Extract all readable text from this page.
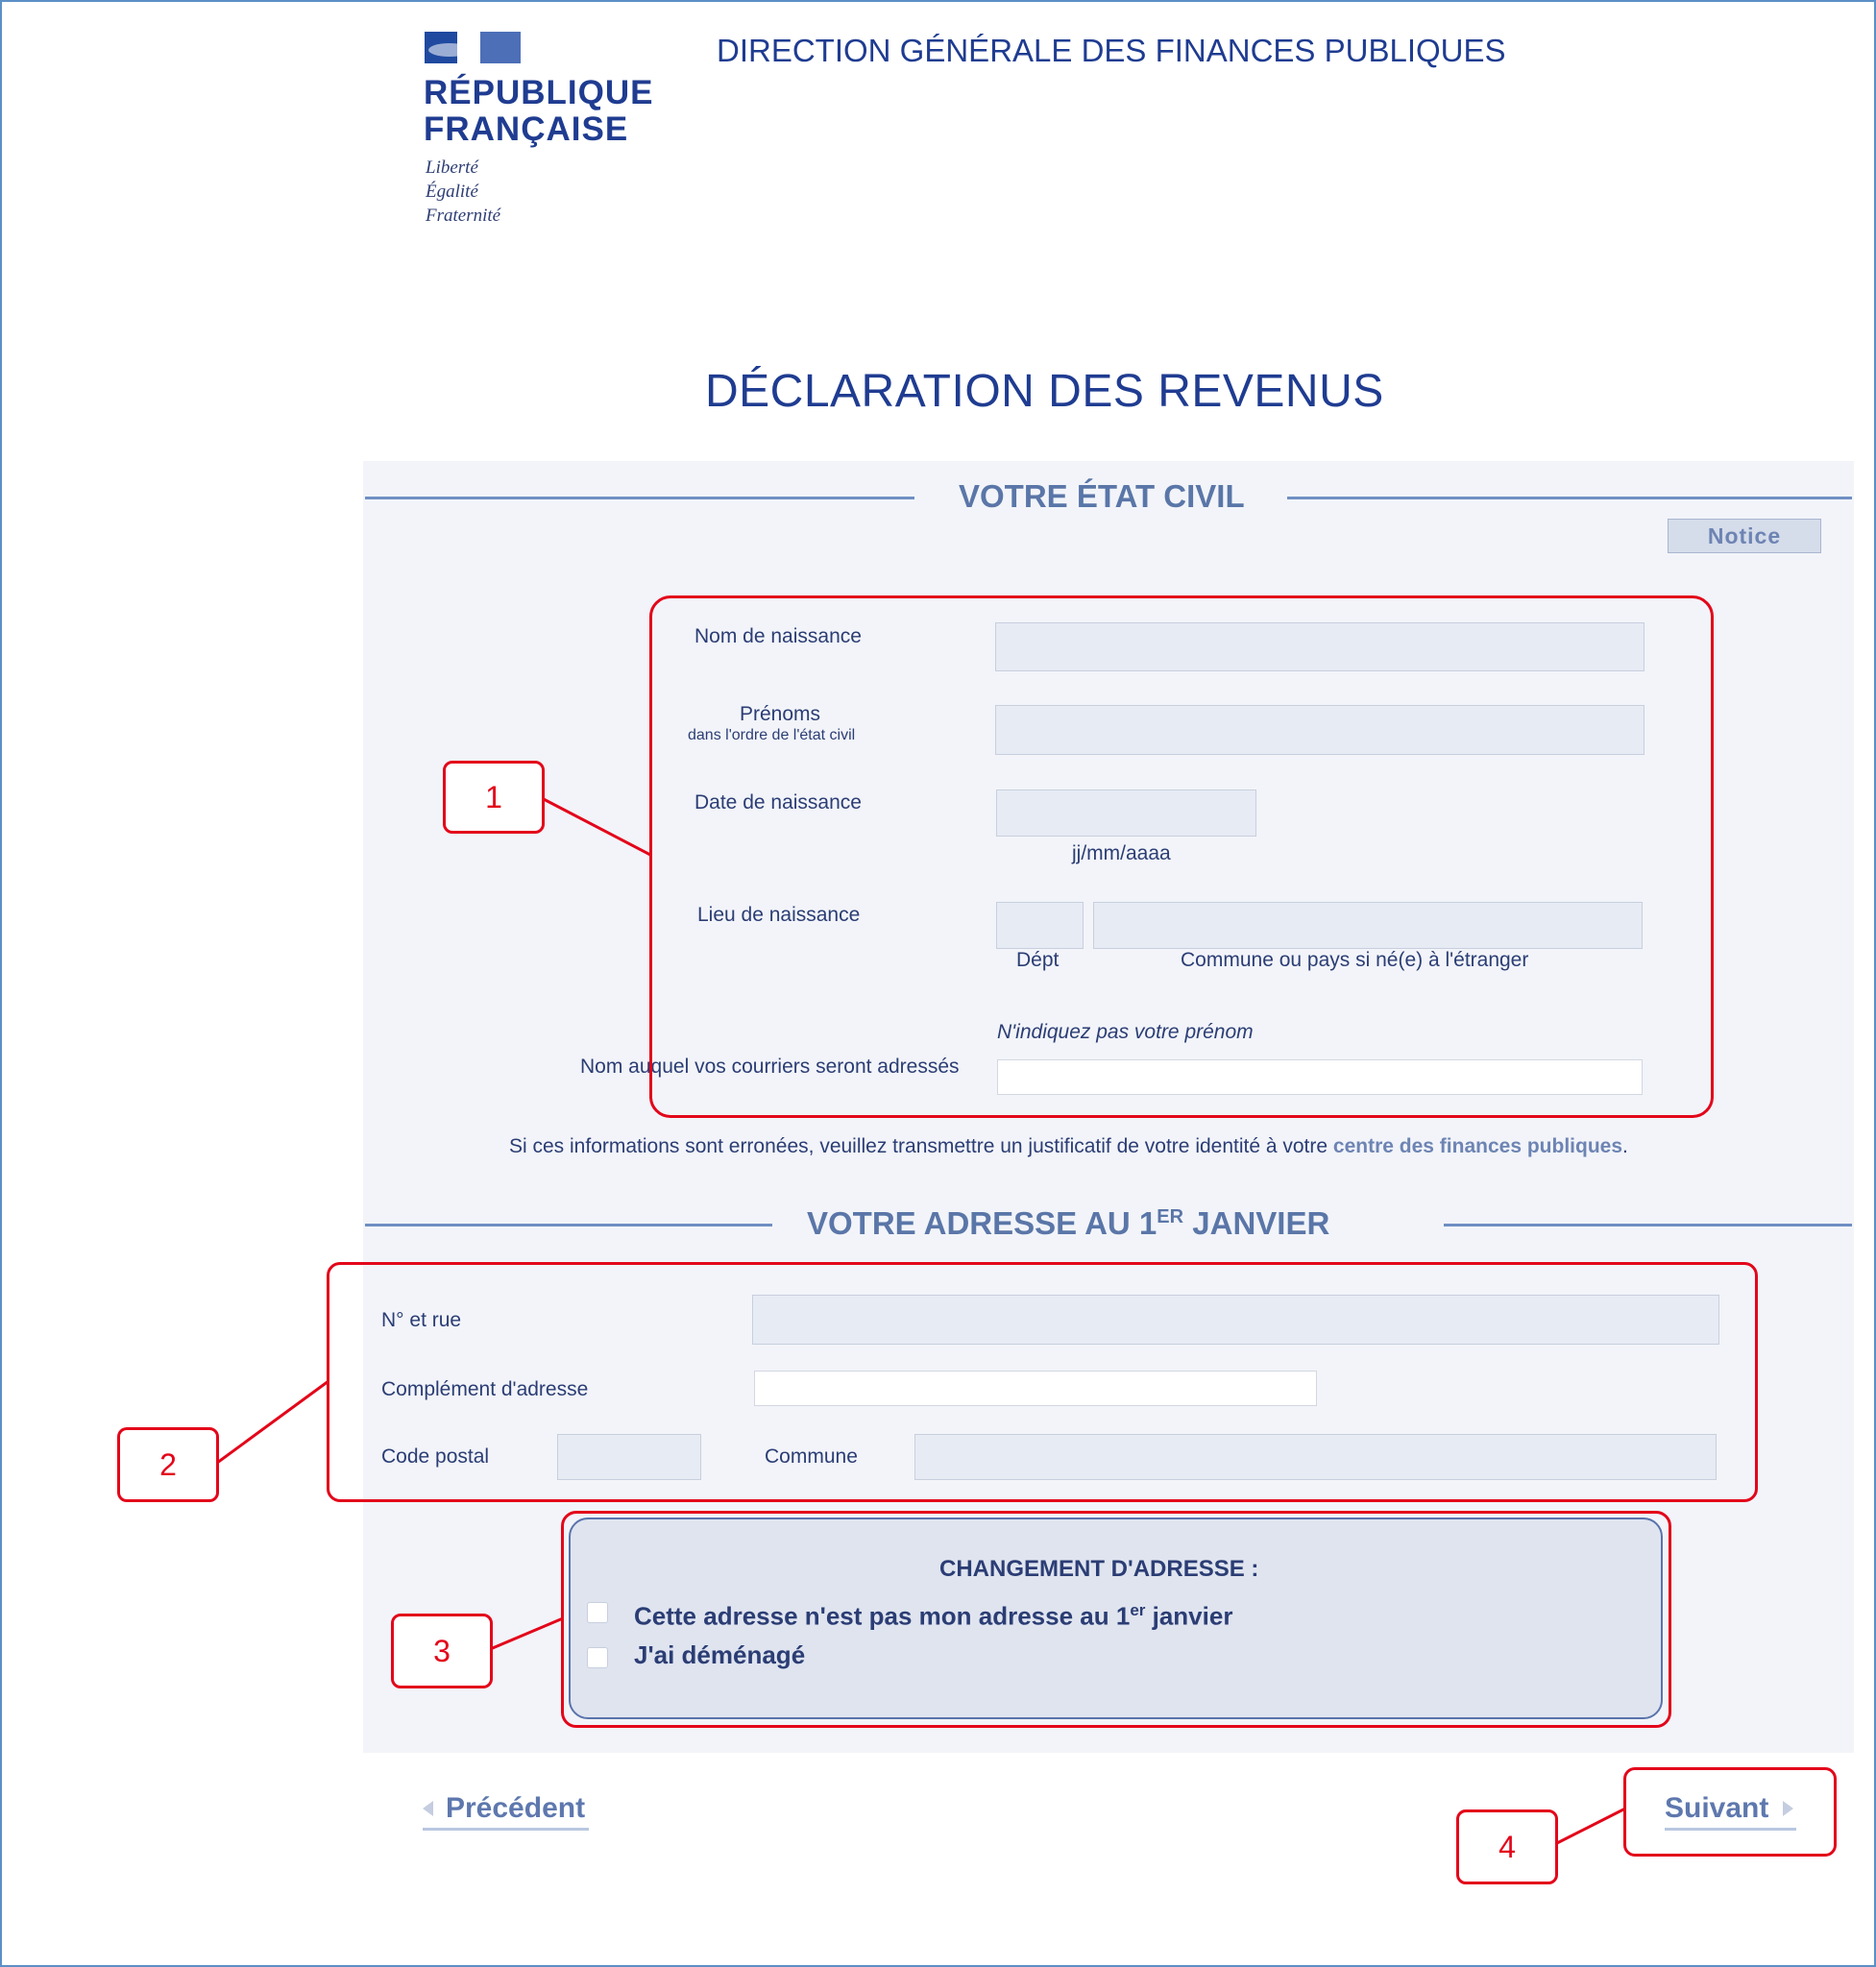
RÉPUBLIQUE
FRANÇAISE
Liberté
Égalité
Fraternité
DIRECTION GÉNÉRALE DES FINANCES PUBLIQUES
DÉCLARATION DES REVENUS
VOTRE ÉTAT CIVIL
Notice
Nom de naissance
Prénoms
dans l'ordre de l'état civil
Date de naissance
jj/mm/aaaa
Lieu de naissance
Dépt	Commune ou pays si né(e) à l'étranger
N'indiquez pas votre prénom
Nom auquel vos courriers seront adressés
Si ces informations sont erronées, veuillez transmettre un justificatif de votre identité à votre centre des finances publiques.
VOTRE ADRESSE AU 1ER JANVIER
N° et rue
Complément d'adresse
Code postal	Commune
CHANGEMENT D'ADRESSE :
Cette adresse n'est pas mon adresse au 1er janvier
J'ai déménagé
Précédent	Suivant
1
2
3
4
